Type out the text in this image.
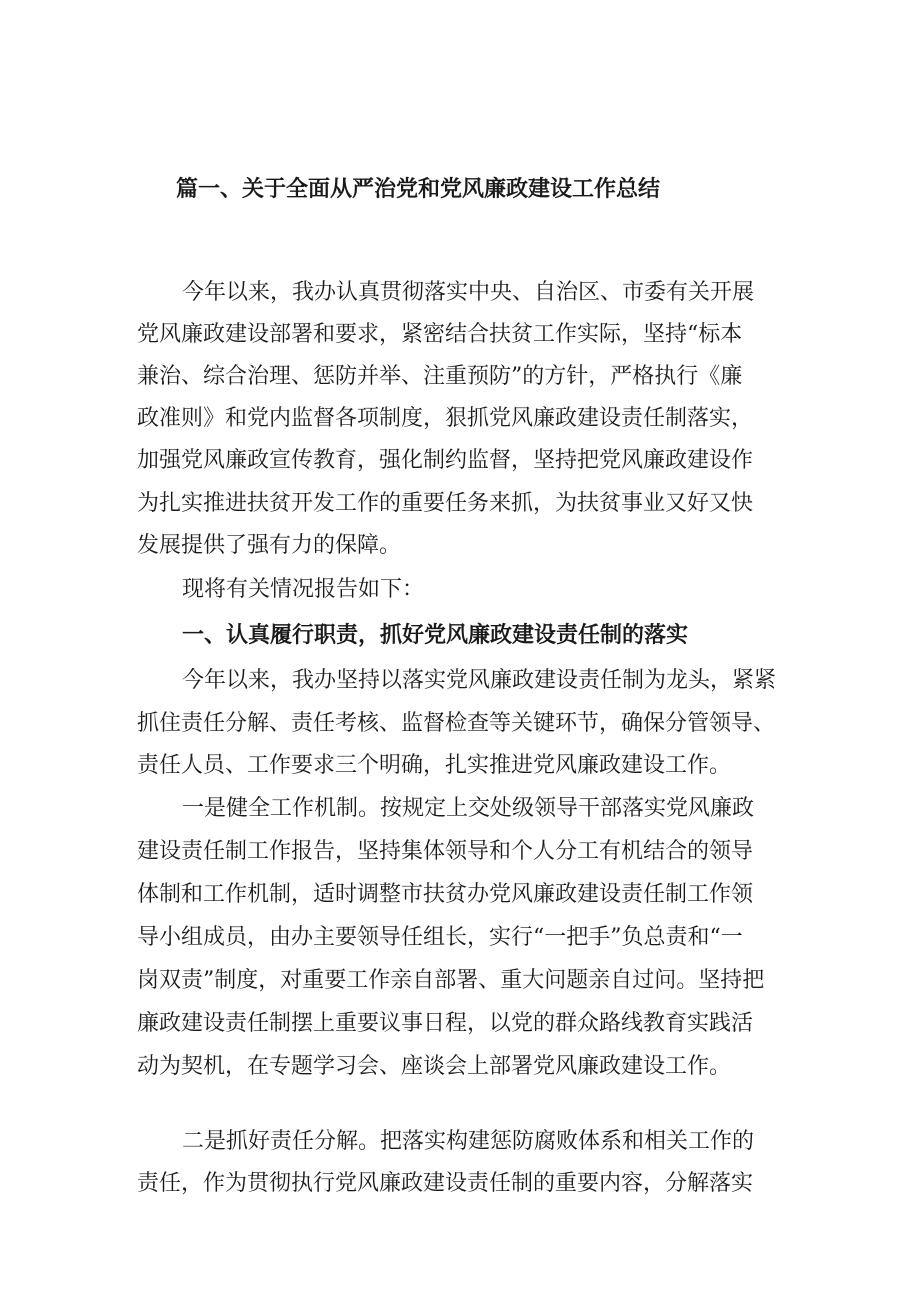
篇一、关于全面从严治党和党风廉政建设工作总结
今年以来，我办认真贯彻落实中央、自治区、市委有关开展
党风廉政建设部署和要求，紧密结合扶贫工作实际，坚持“标本
兼治、综合治理、惩防并举、注重预防”的方针，严格执行《廉
政准则》和党内监督各项制度，狠抓党风廉政建设责任制落实，
加强党风廉政宣传教育，强化制约监督，坚持把党风廉政建设作
为扎实推进扶贫开发工作的重要任务来抓，为扶贫事业又好又快
发展提供了强有力的保障。
现将有关情况报告如下：
一、认真履行职责，抓好党风廉政建设责任制的落实
今年以来，我办坚持以落实党风廉政建设责任制为龙头，紧紧
抓住责任分解、责任考核、监督检查等关键环节，确保分管领导、
责任人员、工作要求三个明确，扎实推进党风廉政建设工作。
一是健全工作机制。按规定上交处级领导干部落实党风廉政
建设责任制工作报告，坚持集体领导和个人分工有机结合的领导
体制和工作机制，适时调整市扶贫办党风廉政建设责任制工作领
导小组成员，由办主要领导任组长，实行“一把手”负总责和“一
岗双责”制度，对重要工作亲自部署、重大问题亲自过问。坚持把
廉政建设责任制摆上重要议事日程，以党的群众路线教育实践活
动为契机，在专题学习会、座谈会上部署党风廉政建设工作。
二是抓好责任分解。把落实构建惩防腐败体系和相关工作的
责任，作为贯彻执行党风廉政建设责任制的重要内容，分解落实
